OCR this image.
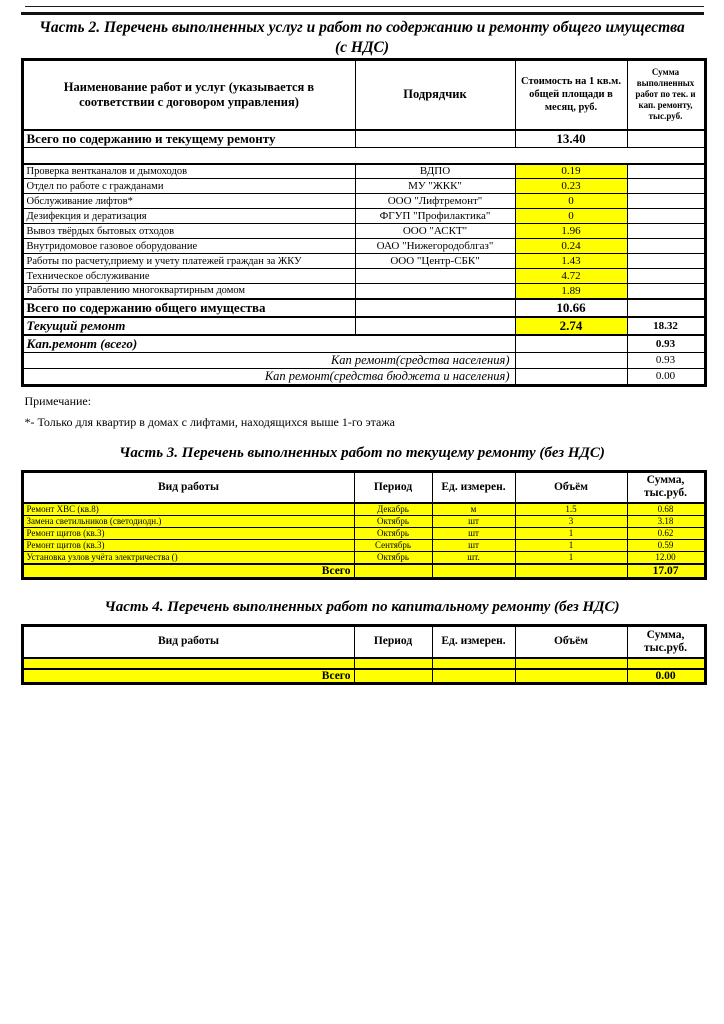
Часть 2. Перечень выполненных услуг и работ по содержанию и ремонту общего имущества
(с НДС)
Наименование работ и услуг (указывается в соответствии с договором управления)	Подрядчик	Стоимость на 1 кв.м. общей площади в месяц, руб.	Сумма выполненных работ по тек. и кап. ремонту, тыс.руб.
Всего по содержанию и текущему ремонту		13.40	

Проверка вентканалов и дымоходов	ВДПО	0.19	
Отдел по работе с гражданами	МУ "ЖКК"	0.23	
Обслуживание лифтов*	ООО "Лифтремонт"	0	
Дезифекция и дератизация	ФГУП "Профилактика"	0	
Вывоз твёрдых бытовых отходов	ООО "АСКТ"	1.96	
Внутридомовое газовое оборудование	ОАО "Нижегородоблгаз"	0.24	
Работы по расчету,приему и учету платежей граждан за ЖКУ	ООО "Центр-СБК"	1.43	
Техническое обслуживание		4.72	
Работы по управлению многоквартирным домом		1.89	
Всего по содержанию общего имущества		10.66	
Текущий ремонт		2.74	18.32
Кап.ремонт (всего)			0.93
Кап ремонт(средства населения)			0.93
Кап ремонт(средства бюджета и населения)			0.00
Примечание:
*- Только для квартир в домах с лифтами, находящихся выше 1-го этажа
Часть 3. Перечень выполненных работ по текущему ремонту (без НДС)
Вид работы	Период	Ед. измерен.	Объём	Сумма, тыс.руб.
Ремонт ХВС (кв.8)	Декабрь	м	1.5	0.68
Замена светильников (светодиодн.)	Октябрь	шт	3	3.18
Ремонт щитов (кв.3)	Октябрь	шт	1	0.62
Ремонт щитов (кв.3)	Сентябрь	шт	1	0.59
Установка узлов учёта электричества ()	Октябрь	шт.	1	12.00
Всего				17.07
Часть 4. Перечень выполненных работ по капитальному ремонту (без НДС)
Вид работы	Период	Ед. измерен.	Объём	Сумма, тыс.руб.

Всего				0.00
